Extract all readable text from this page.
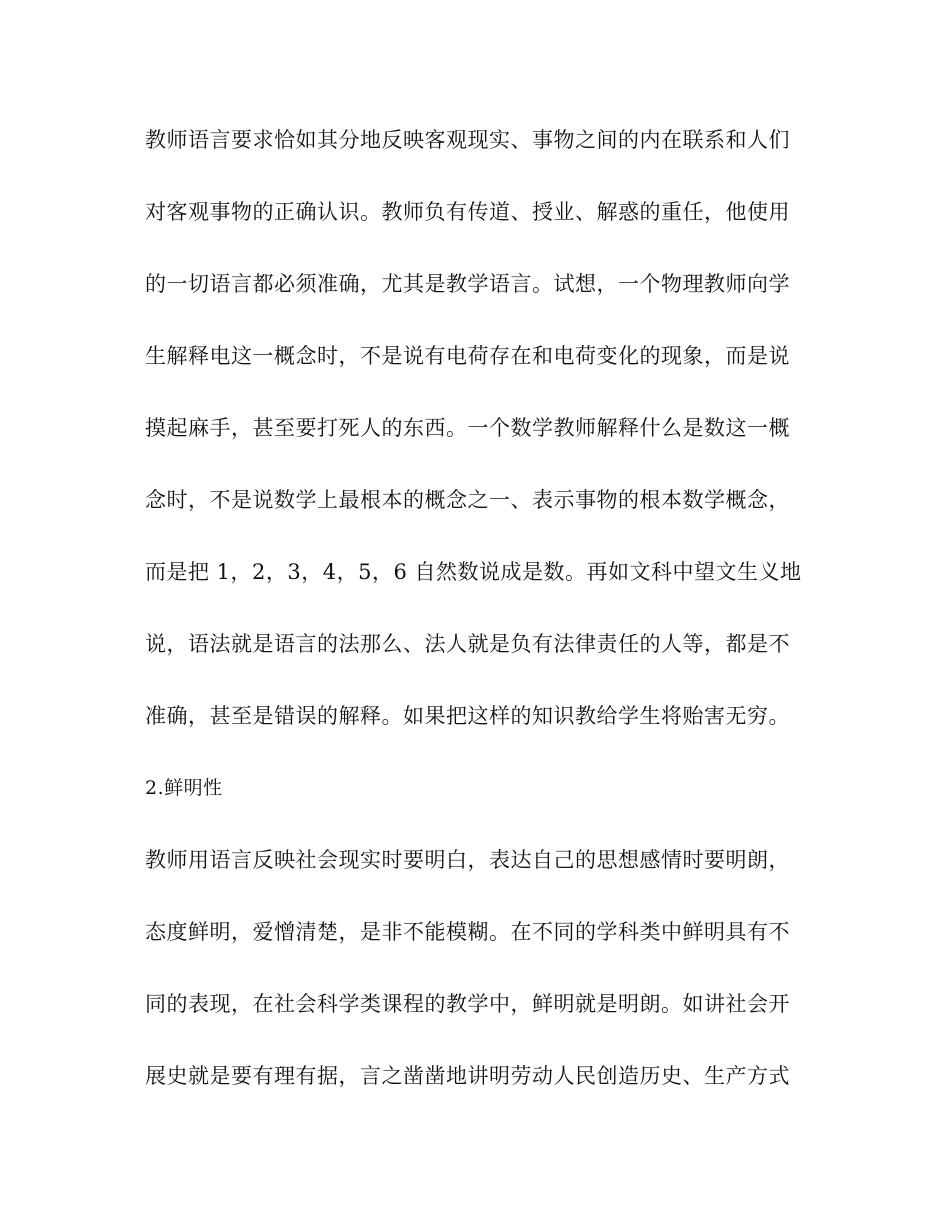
教师语言要求恰如其分地反映客观现实、事物之间的内在联系和人们
对客观事物的正确认识。教师负有传道、授业、解惑的重任，他使用
的一切语言都必须准确，尤其是教学语言。试想，一个物理教师向学
生解释电这一概念时，不是说有电荷存在和电荷变化的现象，而是说
摸起麻手，甚至要打死人的东西。一个数学教师解释什么是数这一概
念时，不是说数学上最根本的概念之一、表示事物的根本数学概念，
而是把 1，2，3，4，5，6 自然数说成是数。再如文科中望文生义地
说，语法就是语言的法那么、法人就是负有法律责任的人等，都是不
准确，甚至是错误的解释。如果把这样的知识教给学生将贻害无穷。
2.鲜明性
教师用语言反映社会现实时要明白，表达自己的思想感情时要明朗，
态度鲜明，爱憎清楚，是非不能模糊。在不同的学科类中鲜明具有不
同的表现，在社会科学类课程的教学中，鲜明就是明朗。如讲社会开
展史就是要有理有据，言之凿凿地讲明劳动人民创造历史、生产方式
